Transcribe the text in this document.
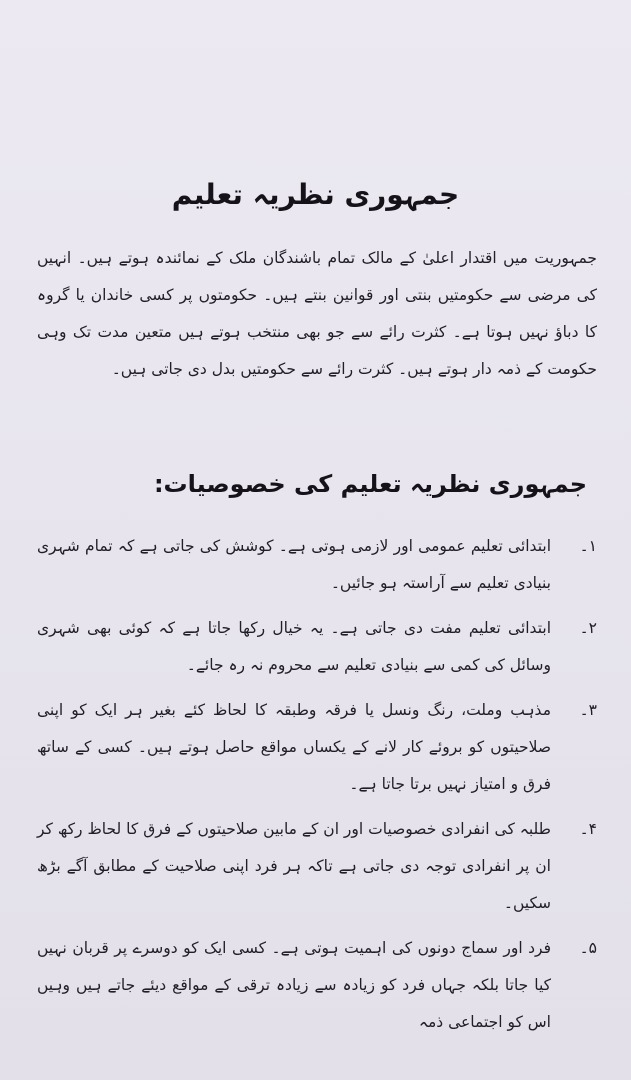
جمہوری نظریہ تعلیم

جمہوریت میں اقتدار اعلیٰ کے مالک تمام باشندگان ملک کے نمائندہ ہوتے ہیں۔ انہیں کی مرضی سے حکومتیں بنتی اور قوانین بنتے ہیں۔ حکومتوں پر کسی خاندان یا گروہ کا دباؤ نہیں ہوتا ہے۔ کثرت رائے سے جو بھی منتخب ہوتے ہیں متعین مدت تک وہی حکومت کے ذمہ دار ہوتے ہیں۔ کثرت رائے سے حکومتیں بدل دی جاتی ہیں۔

جمہوری نظریہ تعلیم کی خصوصیات:
۱۔
ابتدائی تعلیم عمومی اور لازمی ہوتی ہے۔ کوشش کی جاتی ہے کہ تمام شہری بنیادی تعلیم سے آراستہ ہو جائیں۔
۲۔
ابتدائی تعلیم مفت دی جاتی ہے۔ یہ خیال رکھا جاتا ہے کہ کوئی بھی شہری وسائل کی کمی سے بنیادی تعلیم سے محروم نہ رہ جائے۔
۳۔
مذہب وملت، رنگ ونسل یا فرقہ وطبقہ کا لحاظ کئے بغیر ہر ایک کو اپنی صلاحیتوں کو بروئے کار لانے کے یکساں مواقع حاصل ہوتے ہیں۔ کسی کے ساتھ فرق و امتیاز نہیں برتا جاتا ہے۔
۴۔
طلبہ کی انفرادی خصوصیات اور ان کے مابین صلاحیتوں کے فرق کا لحاظ رکھ کر ان پر انفرادی توجہ دی جاتی ہے تاکہ ہر فرد اپنی صلاحیت کے مطابق آگے بڑھ سکیں۔
۵۔
فرد اور سماج دونوں کی اہمیت ہوتی ہے۔ کسی ایک کو دوسرے پر قربان نہیں کیا جاتا بلکہ جہاں فرد کو زیادہ سے زیادہ ترقی کے مواقع دیئے جاتے ہیں وہیں اس کو اجتماعی ذمہ
